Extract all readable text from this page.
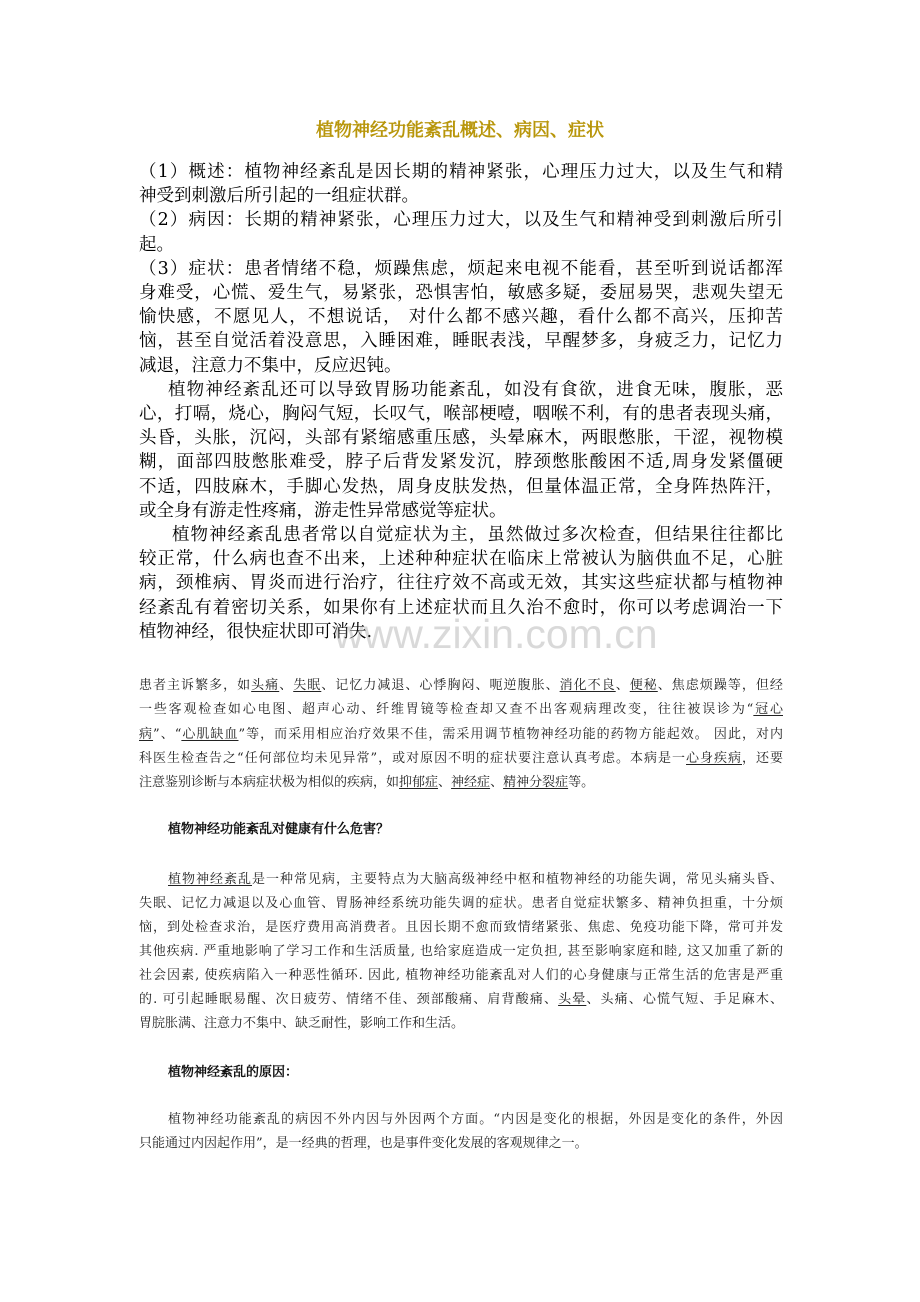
植物神经功能紊乱概述、病因、症状
（1）概述：植物神经紊乱是因长期的精神紧张，心理压力过大，以及生气和精
神受到刺激后所引起的一组症状群。
（2）病因：长期的精神紧张，心理压力过大，以及生气和精神受到刺激后所引
起。
（3）症状：患者情绪不稳，烦躁焦虑，烦起来电视不能看，甚至听到说话都浑
身难受，心慌、爱生气，易紧张，恐惧害怕，敏感多疑，委屈易哭，悲观失望无
愉快感，不愿见人，不想说话， 对什么都不感兴趣，看什么都不高兴，压抑苦
恼，甚至自觉活着没意思，入睡困难，睡眠表浅，早醒梦多，身疲乏力，记忆力
减退，注意力不集中，反应迟钝。
植物神经紊乱还可以导致胃肠功能紊乱，如没有食欲，进食无味，腹胀，恶
心，打嗝，烧心，胸闷气短，长叹气，喉部梗噎，咽喉不利，有的患者表现头痛，
头昏，头胀，沉闷，头部有紧缩感重压感，头晕麻木，两眼憋胀，干涩，视物模
糊，面部四肢憋胀难受，脖子后背发紧发沉，脖颈憋胀酸困不适,周身发紧僵硬
不适，四肢麻木，手脚心发热，周身皮肤发热，但量体温正常，全身阵热阵汗，
或全身有游走性疼痛，游走性异常感觉等症状。
植物神经紊乱患者常以自觉症状为主，虽然做过多次检查，但结果往往都比
较正常，什么病也查不出来，上述种种症状在临床上常被认为脑供血不足，心脏
病，颈椎病、胃炎而进行治疗，往往疗效不高或无效，其实这些症状都与植物神
经紊乱有着密切关系，如果你有上述症状而且久治不愈时，你可以考虑调治一下
植物神经，很快症状即可消失.
www.zixin.com.cn
患者主诉繁多，如头痛、失眠、记忆力减退、心悸胸闷、呃逆腹胀、消化不良、便秘、焦虑烦躁等，但经
一些客观检查如心电图、超声心动、纤维胃镜等检查却又查不出客观病理改变，往往被误诊为“冠心
病”、“心肌缺血”等，而采用相应治疗效果不佳，需采用调节植物神经功能的药物方能起效。 因此，对内
科医生检查告之“任何部位均未见异常”，或对原因不明的症状要注意认真考虑。本病是一心身疾病，还要
注意鉴别诊断与本病症状极为相似的疾病，如抑郁症、神经症、精神分裂症等。
植物神经功能紊乱对健康有什么危害？
植物神经紊乱是一种常见病，主要特点为大脑高级神经中枢和植物神经的功能失调，常见头痛头昏、
失眠、记忆力减退以及心血管、胃肠神经系统功能失调的症状。患者自觉症状繁多、精神负担重，十分烦
恼，到处检查求治，是医疗费用高消费者。且因长期不愈而致情绪紧张、焦虑、免疫功能下降，常可并发
其他疾病. 严重地影响了学习工作和生活质量, 也给家庭造成一定负担, 甚至影响家庭和睦, 这又加重了新的
社会因素, 使疾病陷入一种恶性循环. 因此, 植物神经功能紊乱对人们的心身健康与正常生活的危害是严重
的. 可引起睡眠易醒、次日疲劳、情绪不佳、颈部酸痛、肩背酸痛、头晕、头痛、心慌气短、手足麻木、
胃脘胀满、注意力不集中、缺乏耐性，影响工作和生活。
植物神经紊乱的原因：
植物神经功能紊乱的病因不外内因与外因两个方面。“内因是变化的根据，外因是变化的条件，外因
只能通过内因起作用”，是一经典的哲理，也是事件变化发展的客观规律之一。
